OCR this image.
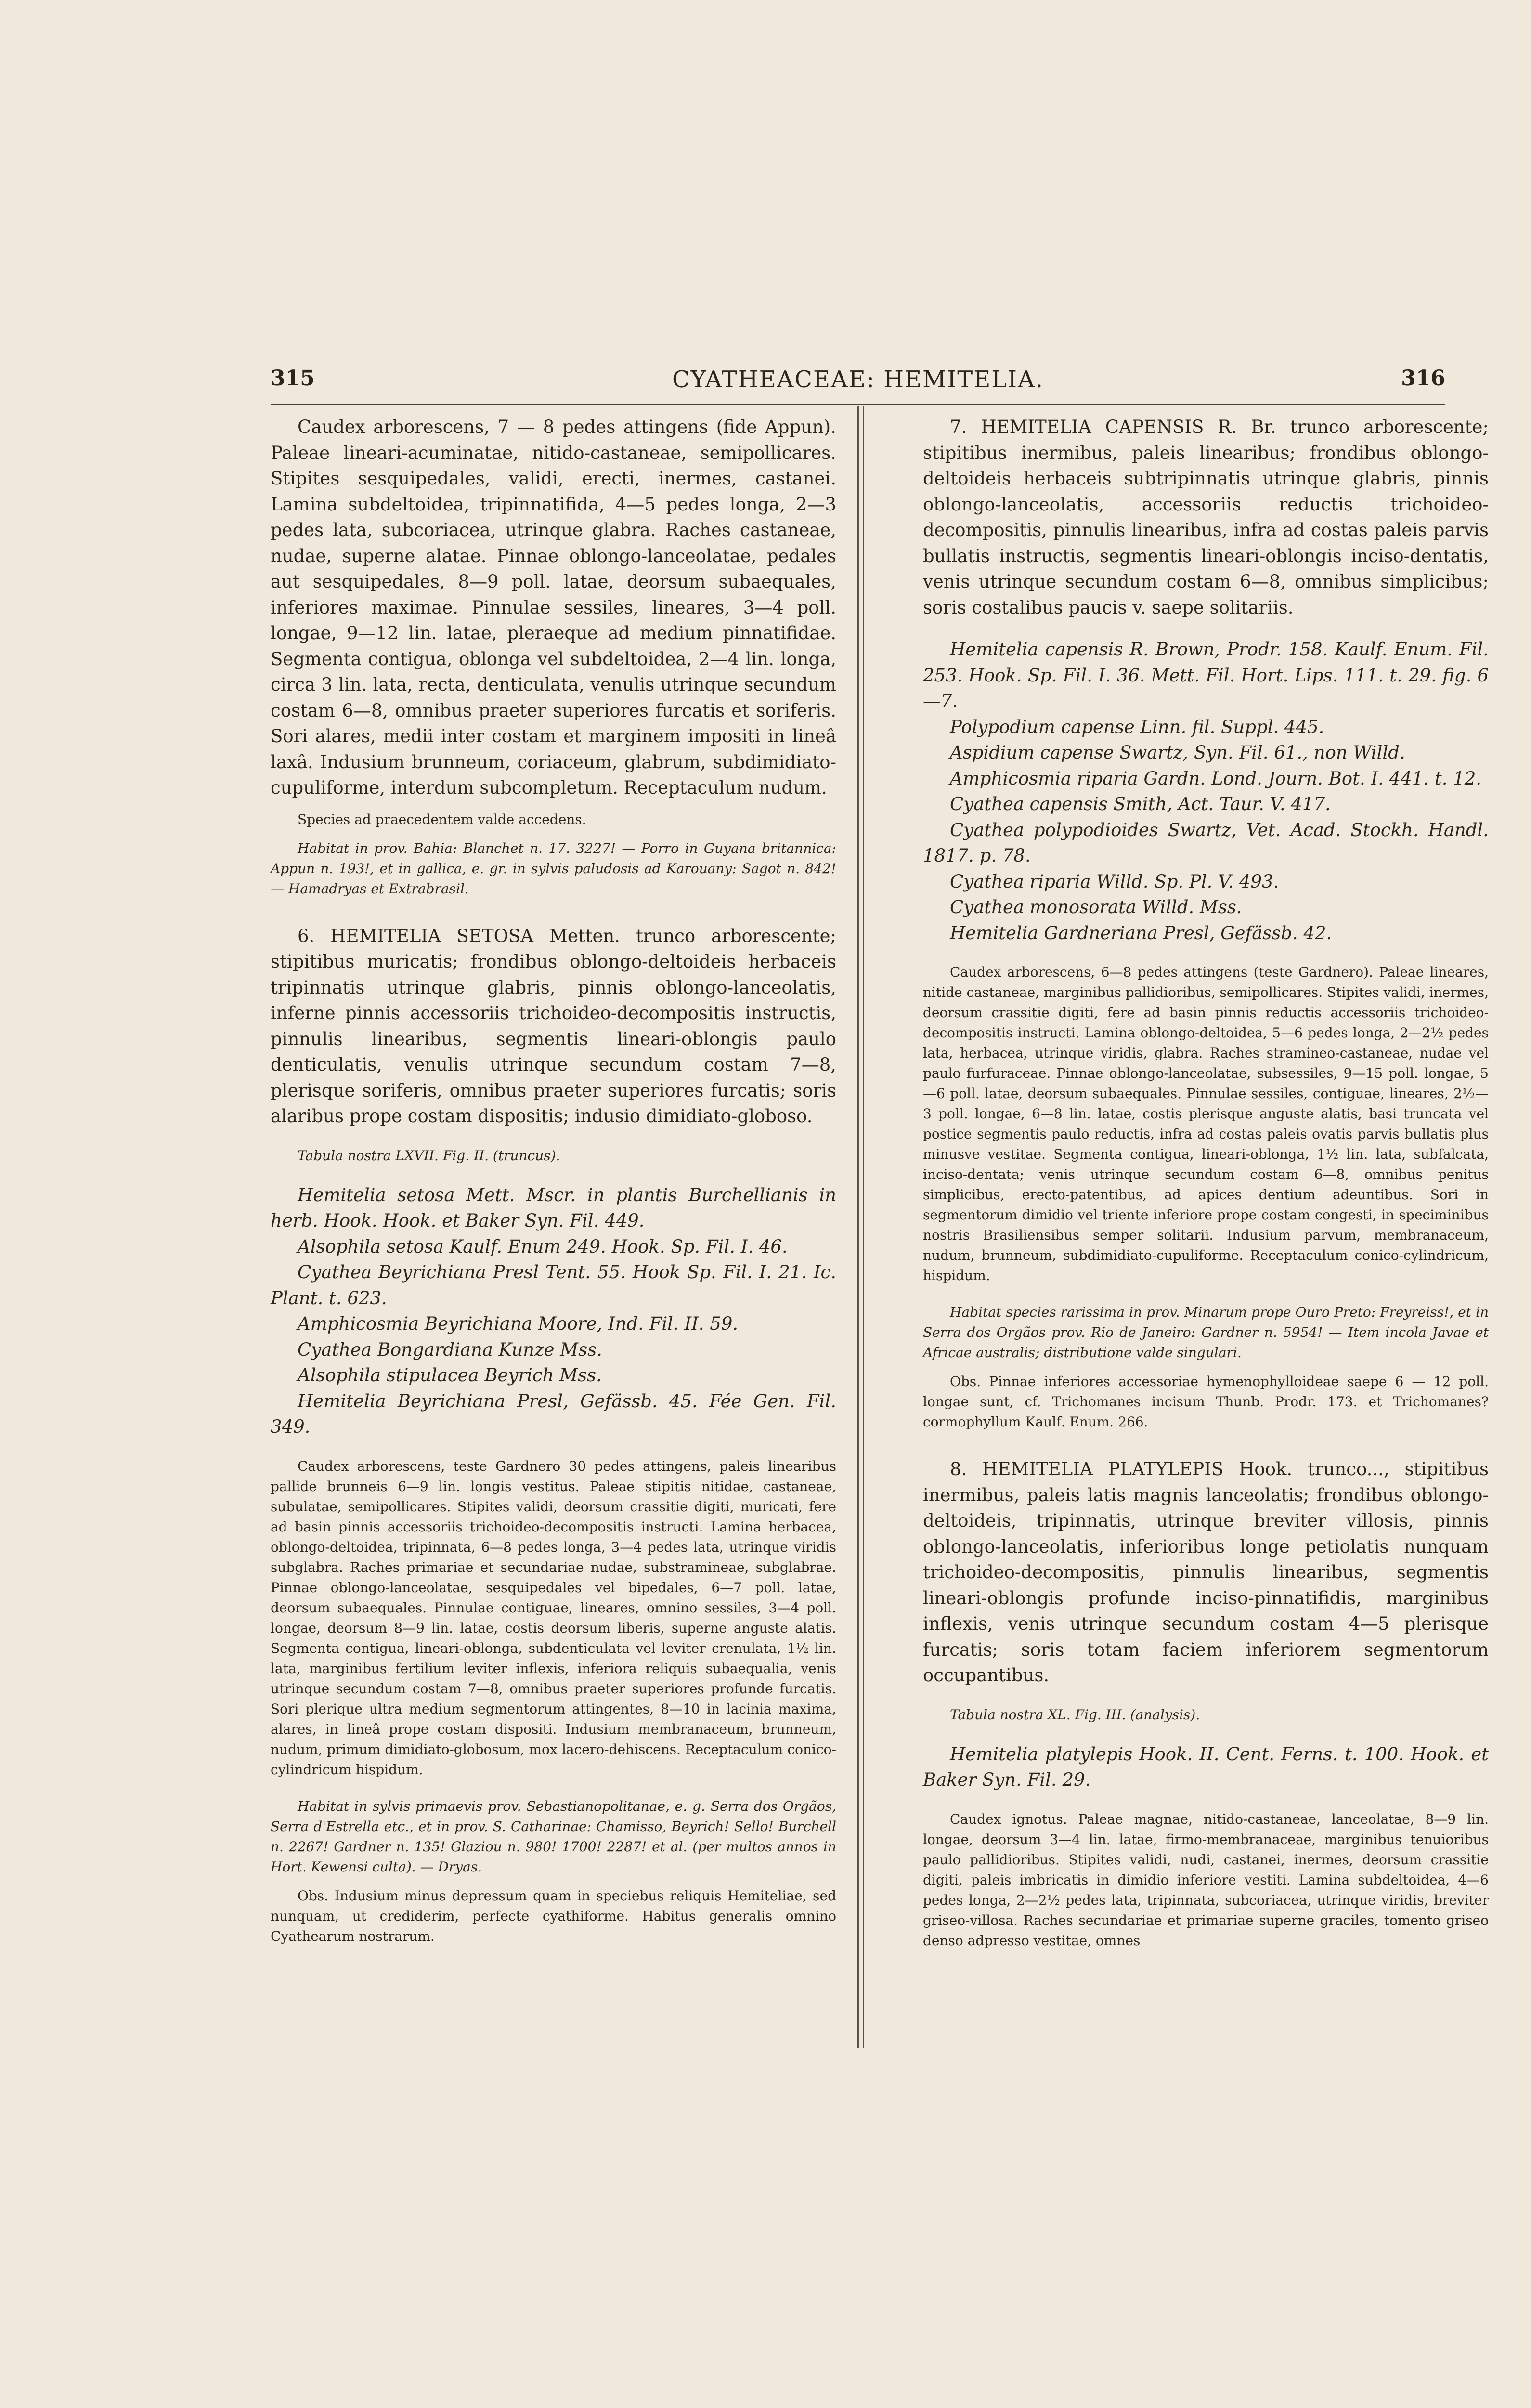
315	CYATHEACEAE: HEMITELIA.	316

Caudex arborescens, 7 — 8 pedes attingens (fide Appun). Paleae lineari-acuminatae, nitido-castaneae, semipollicares. Stipites sesquipedales, validi, erecti, inermes, castanei. Lamina subdeltoidea, tripinnatifida, 4—5 pedes longa, 2—3 pedes lata, subcoriacea, utrinque glabra. Raches castaneae, nudae, superne alatae. Pinnae oblongo-lanceolatae, pedales aut sesquipedales, 8—9 poll. latae, deorsum subaequales, inferiores maximae. Pinnulae sessiles, lineares, 3—4 poll. longae, 9—12 lin. latae, pleraeque ad medium pinnatifidae. Segmenta contigua, oblonga vel subdeltoidea, 2—4 lin. longa, circa 3 lin. lata, recta, denticulata, venulis utrinque secundum costam 6—8, omnibus praeter superiores furcatis et soriferis. Sori alares, medii inter costam et marginem impositi in lineâ laxâ. Indusium brunneum, coriaceum, glabrum, subdimidiato-cupuliforme, interdum subcompletum. Receptaculum nudum.

Species ad praecedentem valde accedens.

Habitat in prov. Bahia: Blanchet n. 17. 3227! — Porro in Guyana britannica: Appun n. 193!, et in gallica, e. gr. in sylvis paludosis ad Karouany: Sagot n. 842! — Hamadryas et Extrabrasil.

6. HEMITELIA SETOSA Metten. trunco arborescente; stipitibus muricatis; frondibus oblongo-deltoideis herbaceis tripinnatis utrinque glabris, pinnis oblongo-lanceolatis, inferne pinnis accessoriis trichoideo-decompositis instructis, pinnulis linearibus, segmentis lineari-oblongis paulo denticulatis, venulis utrinque secundum costam 7—8, plerisque soriferis, omnibus praeter superiores furcatis; soris alaribus prope costam dispositis; indusio dimidiato-globoso.

Tabula nostra LXVII. Fig. II. (truncus).

Hemitelia setosa Mett. Mscr. in plantis Burchellianis in herb. Hook. Hook. et Baker Syn. Fil. 449.

Alsophila setosa Kaulf. Enum 249. Hook. Sp. Fil. I. 46.

Cyathea Beyrichiana Presl Tent. 55. Hook Sp. Fil. I. 21. Ic. Plant. t. 623.

Amphicosmia Beyrichiana Moore, Ind. Fil. II. 59.

Cyathea Bongardiana Kunze Mss.

Alsophila stipulacea Beyrich Mss.

Hemitelia Beyrichiana Presl, Gefässb. 45. Fée Gen. Fil. 349.

Caudex arborescens, teste Gardnero 30 pedes attingens, paleis linearibus pallide brunneis 6—9 lin. longis vestitus. Paleae stipitis nitidae, castaneae, subulatae, semipollicares. Stipites validi, deorsum crassitie digiti, muricati, fere ad basin pinnis accessoriis trichoideo-decompositis instructi. Lamina herbacea, oblongo-deltoidea, tripinnata, 6—8 pedes longa, 3—4 pedes lata, utrinque viridis subglabra. Raches primariae et secundariae nudae, substramineae, subglabrae. Pinnae oblongo-lanceolatae, sesquipedales vel bipedales, 6—7 poll. latae, deorsum subaequales. Pinnulae contiguae, lineares, omnino sessiles, 3—4 poll. longae, deorsum 8—9 lin. latae, costis deorsum liberis, superne anguste alatis. Segmenta contigua, lineari-oblonga, subdenticulata vel leviter crenulata, 1½ lin. lata, marginibus fertilium leviter inflexis, inferiora reliquis subaequalia, venis utrinque secundum costam 7—8, omnibus praeter superiores profunde furcatis. Sori plerique ultra medium segmentorum attingentes, 8—10 in lacinia maxima, alares, in lineâ prope costam dispositi. Indusium membranaceum, brunneum, nudum, primum dimidiato-globosum, mox lacero-dehiscens. Receptaculum conico-cylindricum hispidum.

Habitat in sylvis primaevis prov. Sebastianopolitanae, e. g. Serra dos Orgãos, Serra d'Estrella etc., et in prov. S. Catharinae: Chamisso, Beyrich! Sello! Burchell n. 2267! Gardner n. 135! Glaziou n. 980! 1700! 2287! et al. (per multos annos in Hort. Kewensi culta). — Dryas.

Obs. Indusium minus depressum quam in speciebus reliquis Hemiteliae, sed nunquam, ut crediderim, perfecte cyathiforme. Habitus generalis omnino Cyathearum nostrarum.

7. HEMITELIA CAPENSIS R. Br. trunco arborescente; stipitibus inermibus, paleis linearibus; frondibus oblongo-deltoideis herbaceis subtripinnatis utrinque glabris, pinnis oblongo-lanceolatis, accessoriis reductis trichoideo-decompositis, pinnulis linearibus, infra ad costas paleis parvis bullatis instructis, segmentis lineari-oblongis inciso-dentatis, venis utrinque secundum costam 6—8, omnibus simplicibus; soris costalibus paucis v. saepe solitariis.

Hemitelia capensis R. Brown, Prodr. 158. Kaulf. Enum. Fil. 253. Hook. Sp. Fil. I. 36. Mett. Fil. Hort. Lips. 111. t. 29. fig. 6—7.

Polypodium capense Linn. fil. Suppl. 445.

Aspidium capense Swartz, Syn. Fil. 61., non Willd.

Amphicosmia riparia Gardn. Lond. Journ. Bot. I. 441. t. 12.

Cyathea capensis Smith, Act. Taur. V. 417.

Cyathea polypodioides Swartz, Vet. Acad. Stockh. Handl. 1817. p. 78.

Cyathea riparia Willd. Sp. Pl. V. 493.

Cyathea monosorata Willd. Mss.

Hemitelia Gardneriana Presl, Gefässb. 42.

Caudex arborescens, 6—8 pedes attingens (teste Gardnero). Paleae lineares, nitide castaneae, marginibus pallidioribus, semipollicares. Stipites validi, inermes, deorsum crassitie digiti, fere ad basin pinnis reductis accessoriis trichoideo-decompositis instructi. Lamina oblongo-deltoidea, 5—6 pedes longa, 2—2½ pedes lata, herbacea, utrinque viridis, glabra. Raches stramineo-castaneae, nudae vel paulo furfuraceae. Pinnae oblongo-lanceolatae, subsessiles, 9—15 poll. longae, 5—6 poll. latae, deorsum subaequales. Pinnulae sessiles, contiguae, lineares, 2½—3 poll. longae, 6—8 lin. latae, costis plerisque anguste alatis, basi truncata vel postice segmentis paulo reductis, infra ad costas paleis ovatis parvis bullatis plus minusve vestitae. Segmenta contigua, lineari-oblonga, 1½ lin. lata, subfalcata, inciso-dentata; venis utrinque secundum costam 6—8, omnibus penitus simplicibus, erecto-patentibus, ad apices dentium adeuntibus. Sori in segmentorum dimidio vel triente inferiore prope costam congesti, in speciminibus nostris Brasiliensibus semper solitarii. Indusium parvum, membranaceum, nudum, brunneum, subdimidiato-cupuliforme. Receptaculum conico-cylindricum, hispidum.

Habitat species rarissima in prov. Minarum prope Ouro Preto: Freyreiss!, et in Serra dos Orgãos prov. Rio de Janeiro: Gardner n. 5954! — Item incola Javae et Africae australis; distributione valde singulari.

Obs. Pinnae inferiores accessoriae hymenophylloideae saepe 6 — 12 poll. longae sunt, cf. Trichomanes incisum Thunb. Prodr. 173. et Trichomanes? cormophyllum Kaulf. Enum. 266.

8. HEMITELIA PLATYLEPIS Hook. trunco..., stipitibus inermibus, paleis latis magnis lanceolatis; frondibus oblongo-deltoideis, tripinnatis, utrinque breviter villosis, pinnis oblongo-lanceolatis, inferioribus longe petiolatis nunquam trichoideo-decompositis, pinnulis linearibus, segmentis lineari-oblongis profunde inciso-pinnatifidis, marginibus inflexis, venis utrinque secundum costam 4—5 plerisque furcatis; soris totam faciem inferiorem segmentorum occupantibus.

Tabula nostra XL. Fig. III. (analysis).

Hemitelia platylepis Hook. II. Cent. Ferns. t. 100. Hook. et Baker Syn. Fil. 29.

Caudex ignotus. Paleae magnae, nitido-castaneae, lanceolatae, 8—9 lin. longae, deorsum 3—4 lin. latae, firmo-membranaceae, marginibus tenuioribus paulo pallidioribus. Stipites validi, nudi, castanei, inermes, deorsum crassitie digiti, paleis imbricatis in dimidio inferiore vestiti. Lamina subdeltoidea, 4—6 pedes longa, 2—2½ pedes lata, tripinnata, subcoriacea, utrinque viridis, breviter griseo-villosa. Raches secundariae et primariae superne graciles, tomento griseo denso adpresso vestitae, omnes
